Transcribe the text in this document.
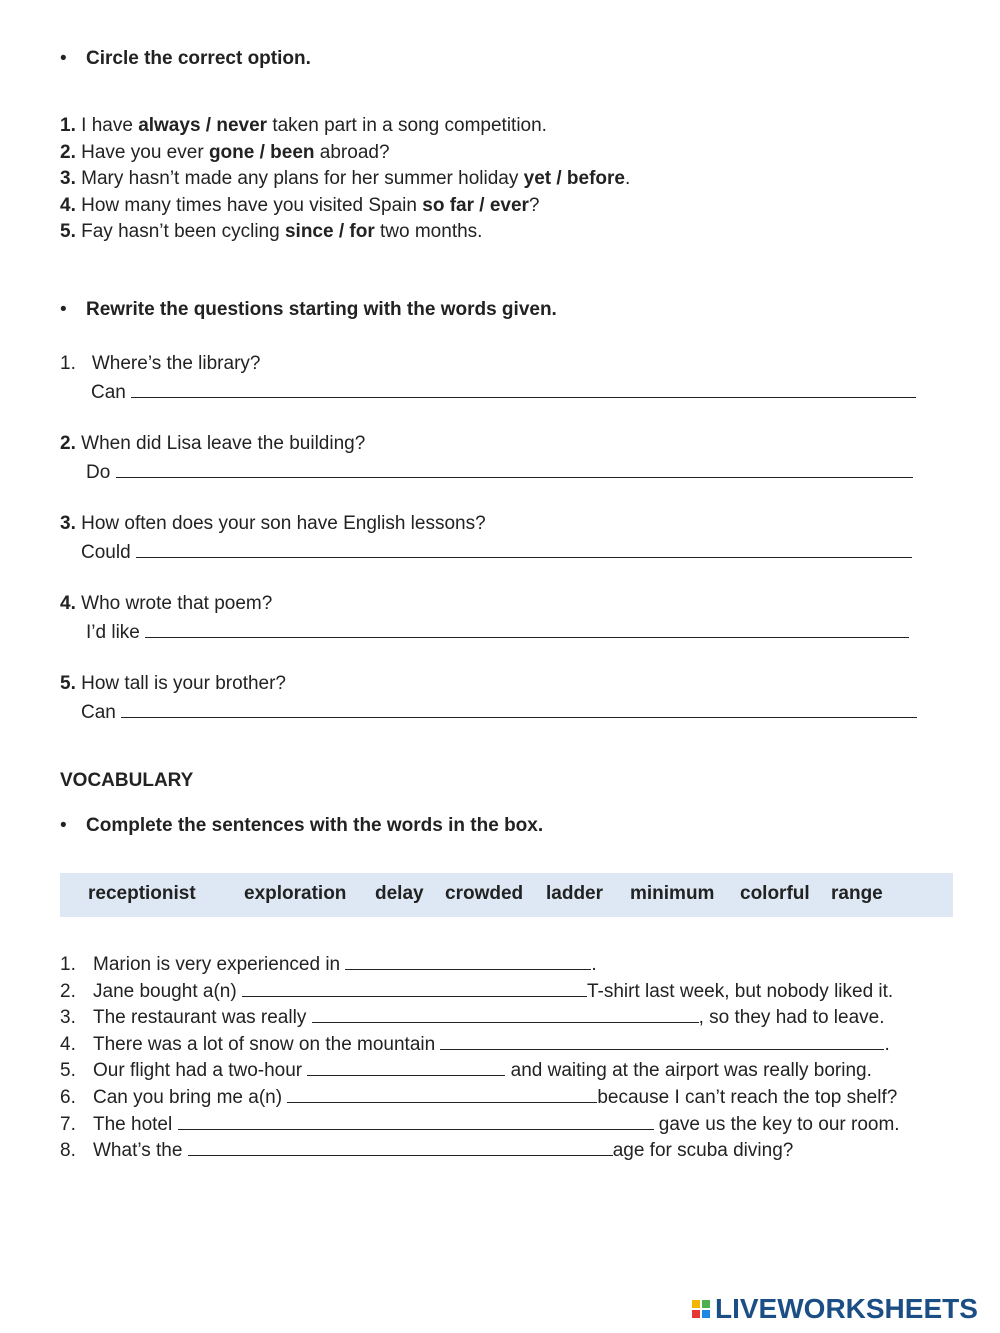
• Circle the correct option.
1. I have always / never taken part in a song competition.
2. Have you ever gone / been abroad?
3. Mary hasn’t made any plans for her summer holiday yet / before.
4. How many times have you visited Spain so far / ever?
5. Fay hasn’t been cycling since / for two months.
• Rewrite the questions starting with the words given.
1. Where’s the library?
Can
2. When did Lisa leave the building?
Do
3. How often does your son have English lessons?
Could
4. Who wrote that poem?
I’d like
5. How tall is your brother?
Can
VOCABULARY
• Complete the sentences with the words in the box.
receptionist	exploration delay crowded ladder minimum colorful range
1. Marion is very experienced in	.
2. Jane bought a(n)	T-shirt last week, but nobody liked it.
3. The restaurant was really	, so they had to leave.
4. There was a lot of snow on the mountain	.
5. Our flight had a two-hour	and waiting at the airport was really boring.
6. Can you bring me a(n)	because I can’t reach the top shelf?
7. The hotel	gave us the key to our room.
8. What’s the	age for scuba diving?
LIVEWORKSHEETS
